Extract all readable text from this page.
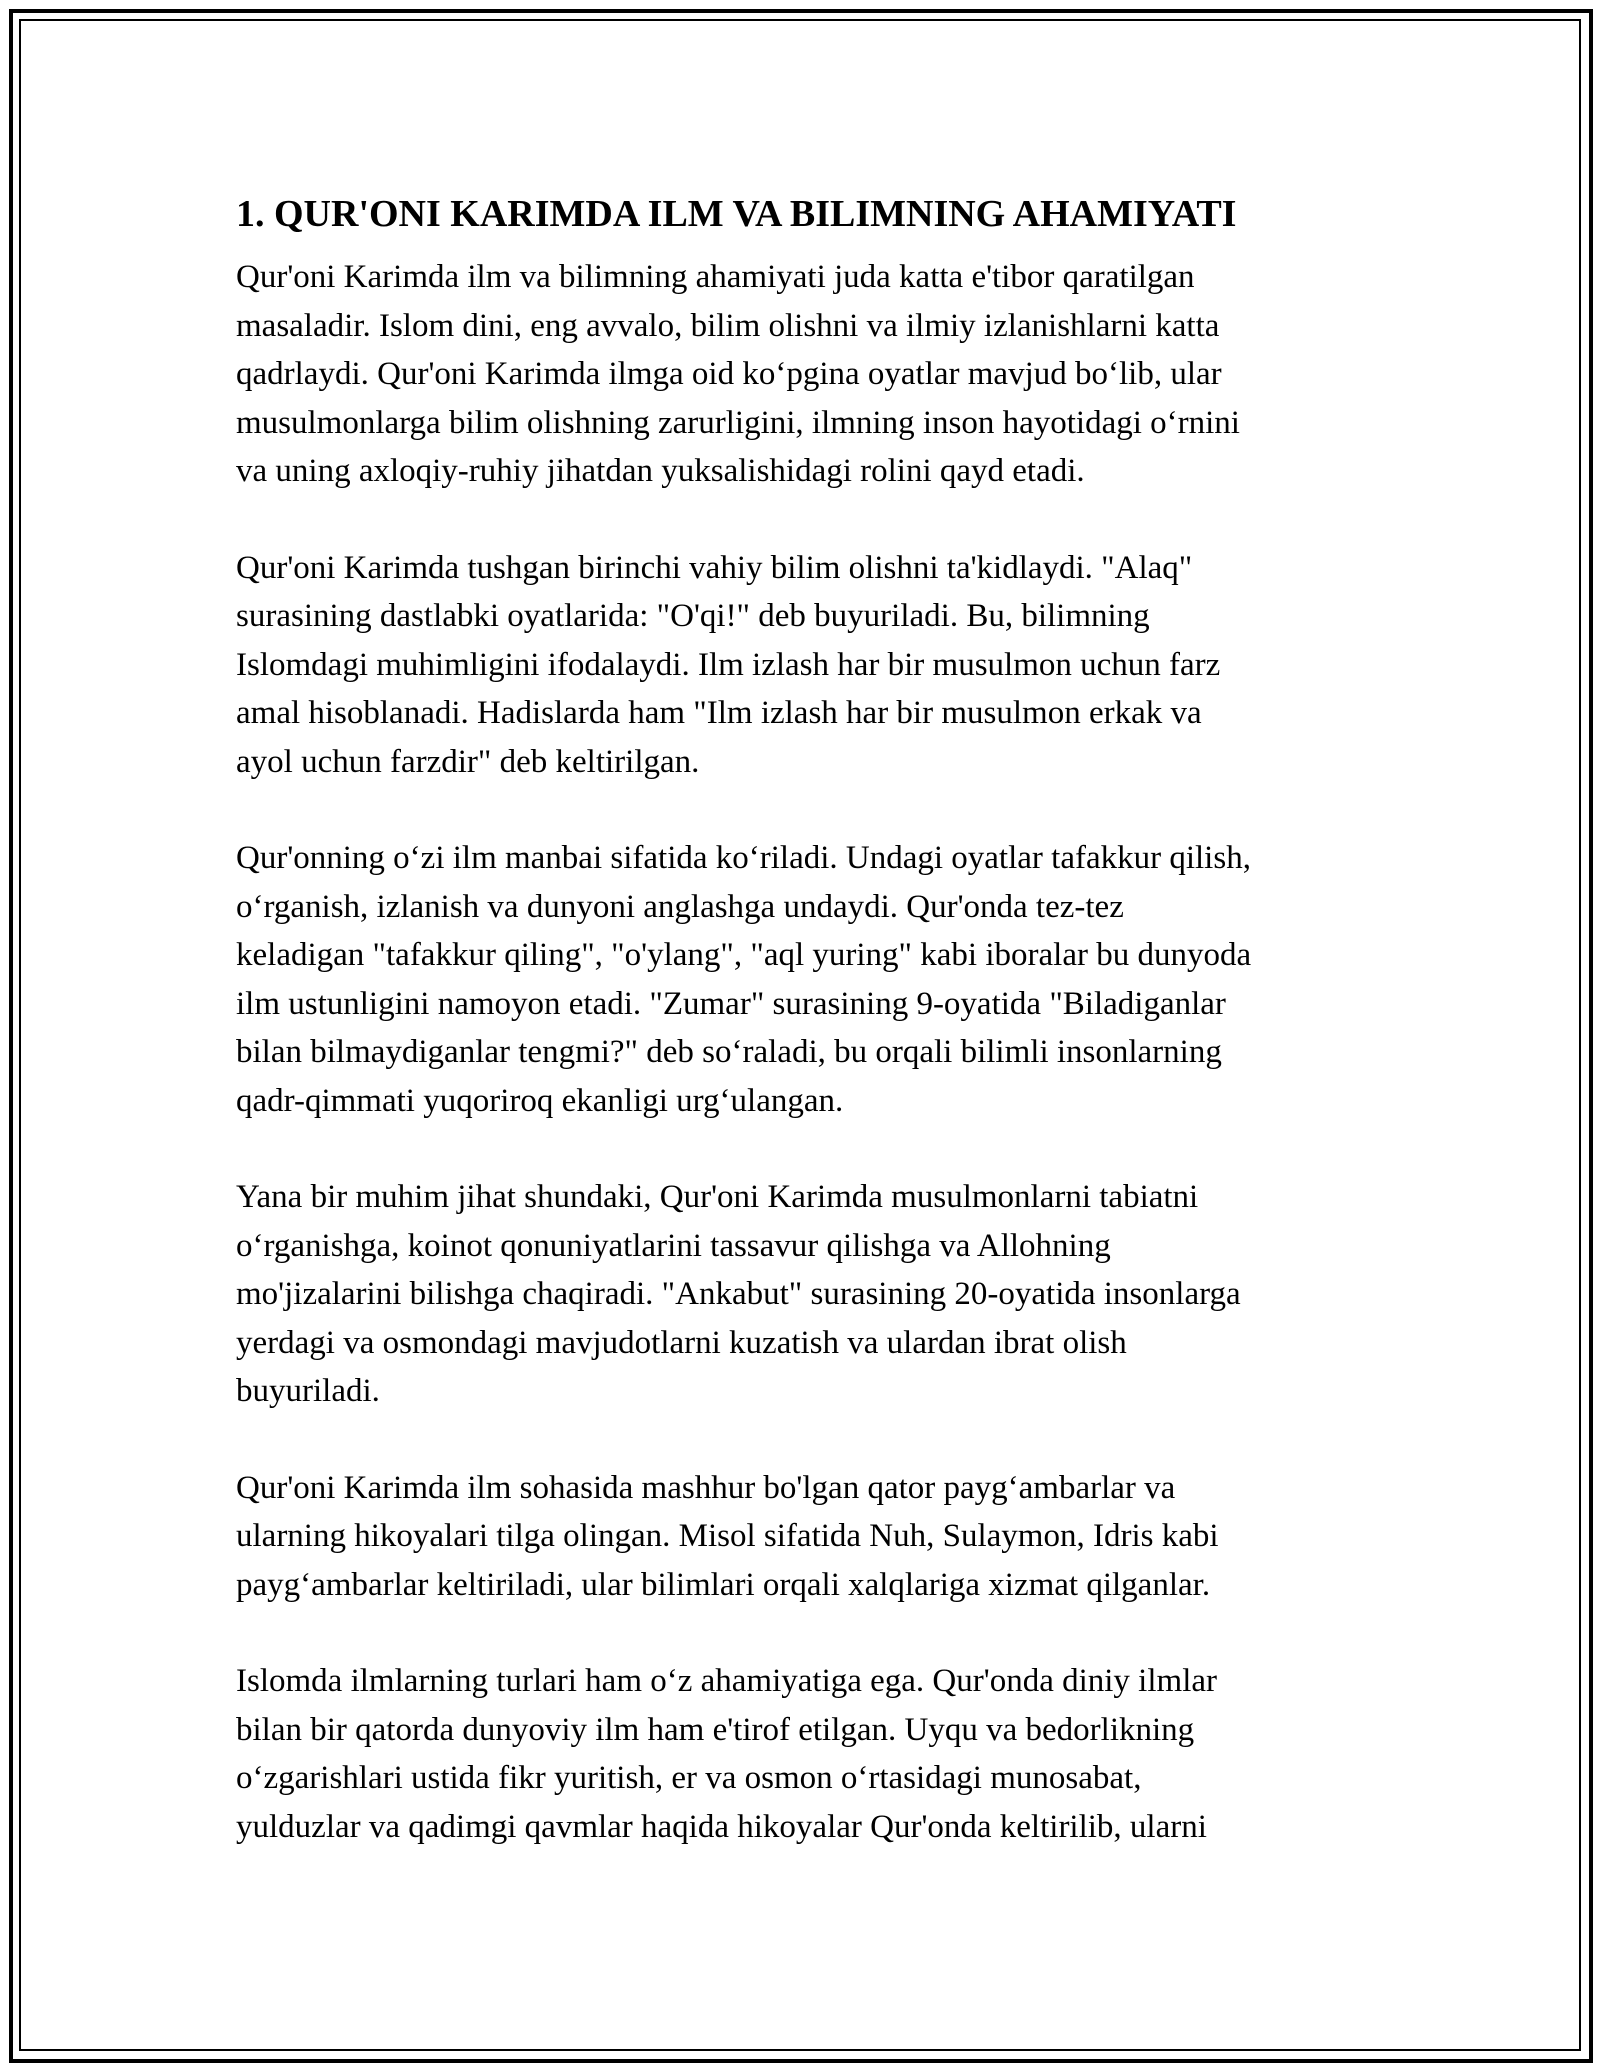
1. QUR'ONI KARIMDA ILM VA BILIMNING AHAMIYATI

Qur'oni Karimda ilm va bilimning ahamiyati juda katta e'tibor qaratilgan
masaladir. Islom dini, eng avvalo, bilim olishni va ilmiy izlanishlarni katta
qadrlaydi. Qur'oni Karimda ilmga oid ko‘pgina oyatlar mavjud bo‘lib, ular
musulmonlarga bilim olishning zarurligini, ilmning inson hayotidagi o‘rnini
va uning axloqiy-ruhiy jihatdan yuksalishidagi rolini qayd etadi.

Qur'oni Karimda tushgan birinchi vahiy bilim olishni ta'kidlaydi. "Alaq"
surasining dastlabki oyatlarida: "O'qi!" deb buyuriladi. Bu, bilimning
Islomdagi muhimligini ifodalaydi. Ilm izlash har bir musulmon uchun farz
amal hisoblanadi. Hadislarda ham "Ilm izlash har bir musulmon erkak va
ayol uchun farzdir" deb keltirilgan.

Qur'onning o‘zi ilm manbai sifatida ko‘riladi. Undagi oyatlar tafakkur qilish,
o‘rganish, izlanish va dunyoni anglashga undaydi. Qur'onda tez-tez
keladigan "tafakkur qiling", "o'ylang", "aql yuring" kabi iboralar bu dunyoda
ilm ustunligini namoyon etadi. "Zumar" surasining 9-oyatida "Biladiganlar
bilan bilmaydiganlar tengmi?" deb so‘raladi, bu orqali bilimli insonlarning
qadr-qimmati yuqoriroq ekanligi urg‘ulangan.

Yana bir muhim jihat shundaki, Qur'oni Karimda musulmonlarni tabiatni
o‘rganishga, koinot qonuniyatlarini tassavur qilishga va Allohning
mo'jizalarini bilishga chaqiradi. "Ankabut" surasining 20-oyatida insonlarga
yerdagi va osmondagi mavjudotlarni kuzatish va ulardan ibrat olish
buyuriladi.

Qur'oni Karimda ilm sohasida mashhur bo'lgan qator payg‘ambarlar va
ularning hikoyalari tilga olingan. Misol sifatida Nuh, Sulaymon, Idris kabi
payg‘ambarlar keltiriladi, ular bilimlari orqali xalqlariga xizmat qilganlar.

Islomda ilmlarning turlari ham o‘z ahamiyatiga ega. Qur'onda diniy ilmlar
bilan bir qatorda dunyoviy ilm ham e'tirof etilgan. Uyqu va bedorlikning
o‘zgarishlari ustida fikr yuritish, er va osmon o‘rtasidagi munosabat,
yulduzlar va qadimgi qavmlar haqida hikoyalar Qur'onda keltirilib, ularni
